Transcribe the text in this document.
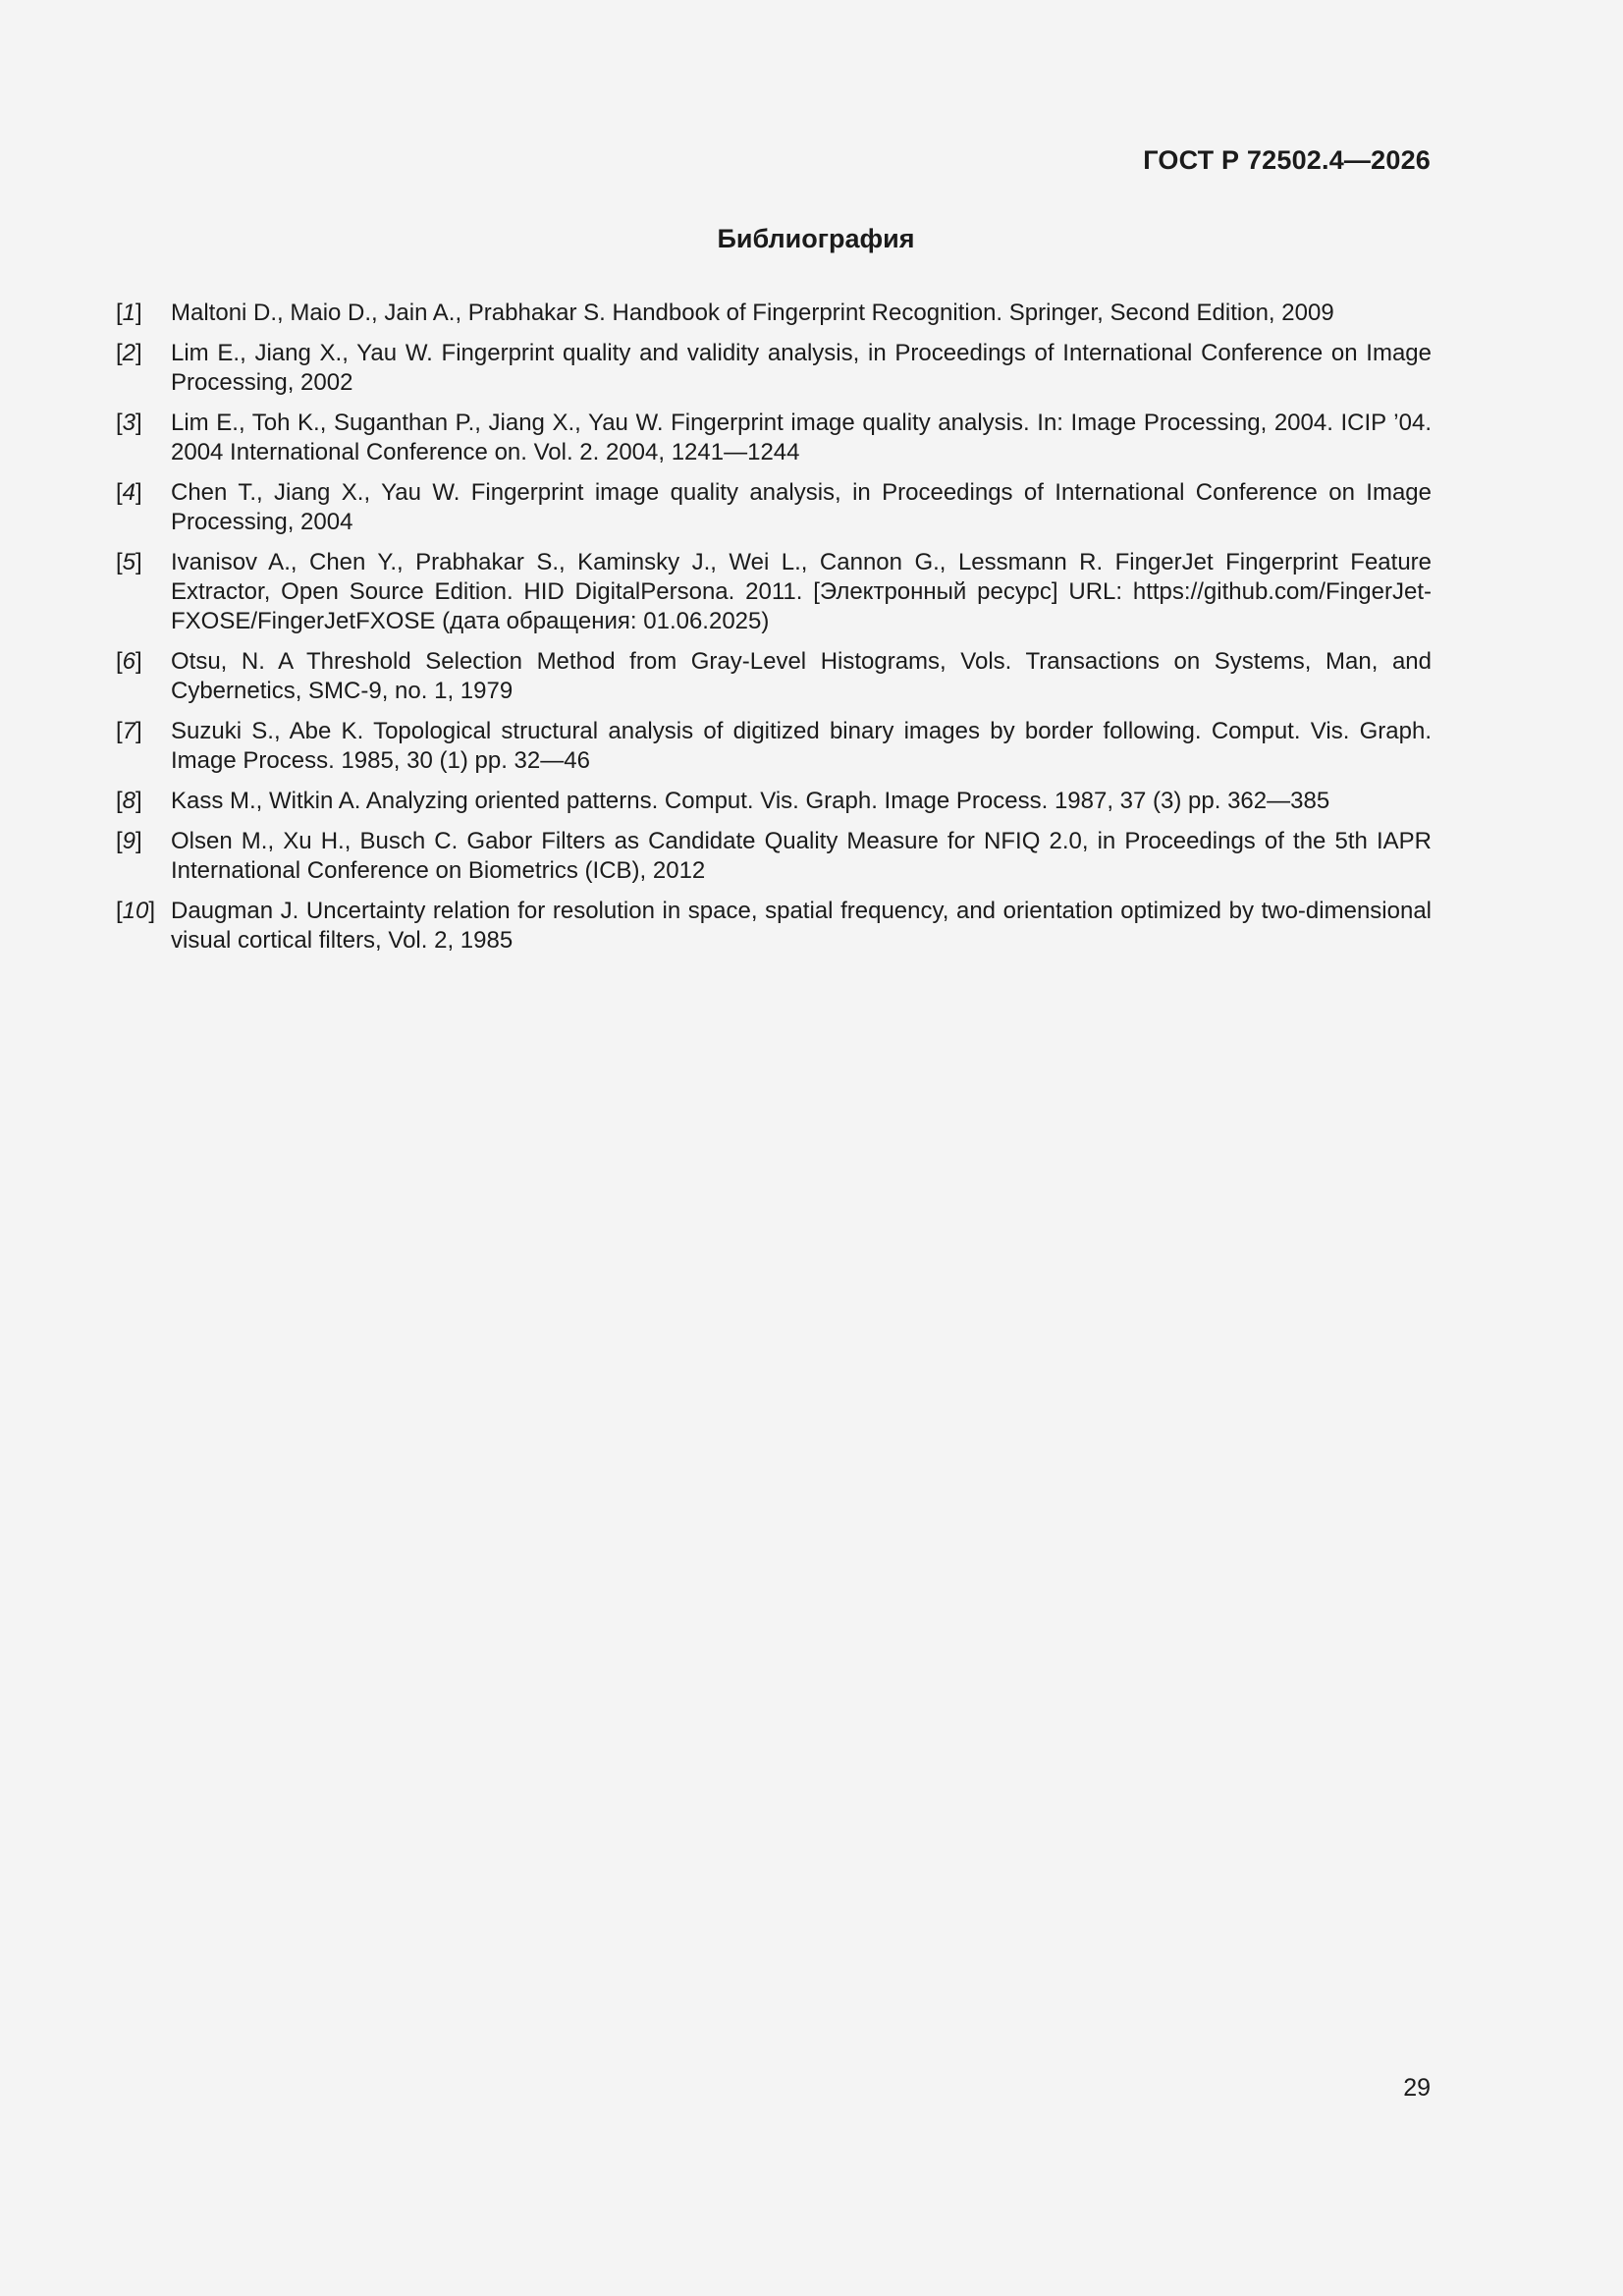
ГОСТ Р 72502.4—2026
Библиография
[1]	Maltoni D., Maio D., Jain A., Prabhakar S. Handbook of Fingerprint Recognition. Springer, Second Edition, 2009
[2]	Lim E., Jiang X., Yau W. Fingerprint quality and validity analysis, in Proceedings of International Conference on Image Processing, 2002
[3]	Lim E., Toh K., Suganthan P., Jiang X., Yau W. Fingerprint image quality analysis. In: Image Processing, 2004. ICIP ’04. 2004 International Conference on. Vol. 2. 2004, 1241—1244
[4]	Chen T., Jiang X., Yau W. Fingerprint image quality analysis, in Proceedings of International Conference on Image Processing, 2004
[5]	Ivanisov A., Chen Y., Prabhakar S., Kaminsky J., Wei L., Cannon G., Lessmann R. FingerJet Fingerprint Feature Extractor, Open Source Edition. HID DigitalPersona. 2011. [Электронный ресурс] URL: https://github.com/FingerJet-FXOSE/FingerJetFXOSE (дата обращения: 01.06.2025)
[6]	Otsu, N. A Threshold Selection Method from Gray-Level Histograms, Vols. Transactions on Systems, Man, and Cybernetics, SMC-9, no. 1, 1979
[7]	Suzuki S., Abe K. Topological structural analysis of digitized binary images by border following. Comput. Vis. Graph. Image Process. 1985, 30 (1) pp. 32—46
[8]	Kass M., Witkin A. Analyzing oriented patterns. Comput. Vis. Graph. Image Process. 1987, 37 (3) pp. 362—385
[9]	Olsen M., Xu H., Busch C. Gabor Filters as Candidate Quality Measure for NFIQ 2.0, in Proceedings of the 5th IAPR International Conference on Biometrics (ICB), 2012
[10] Daugman J. Uncertainty relation for resolution in space, spatial frequency, and orientation optimized by two-dimensional visual cortical filters, Vol. 2, 1985
29
